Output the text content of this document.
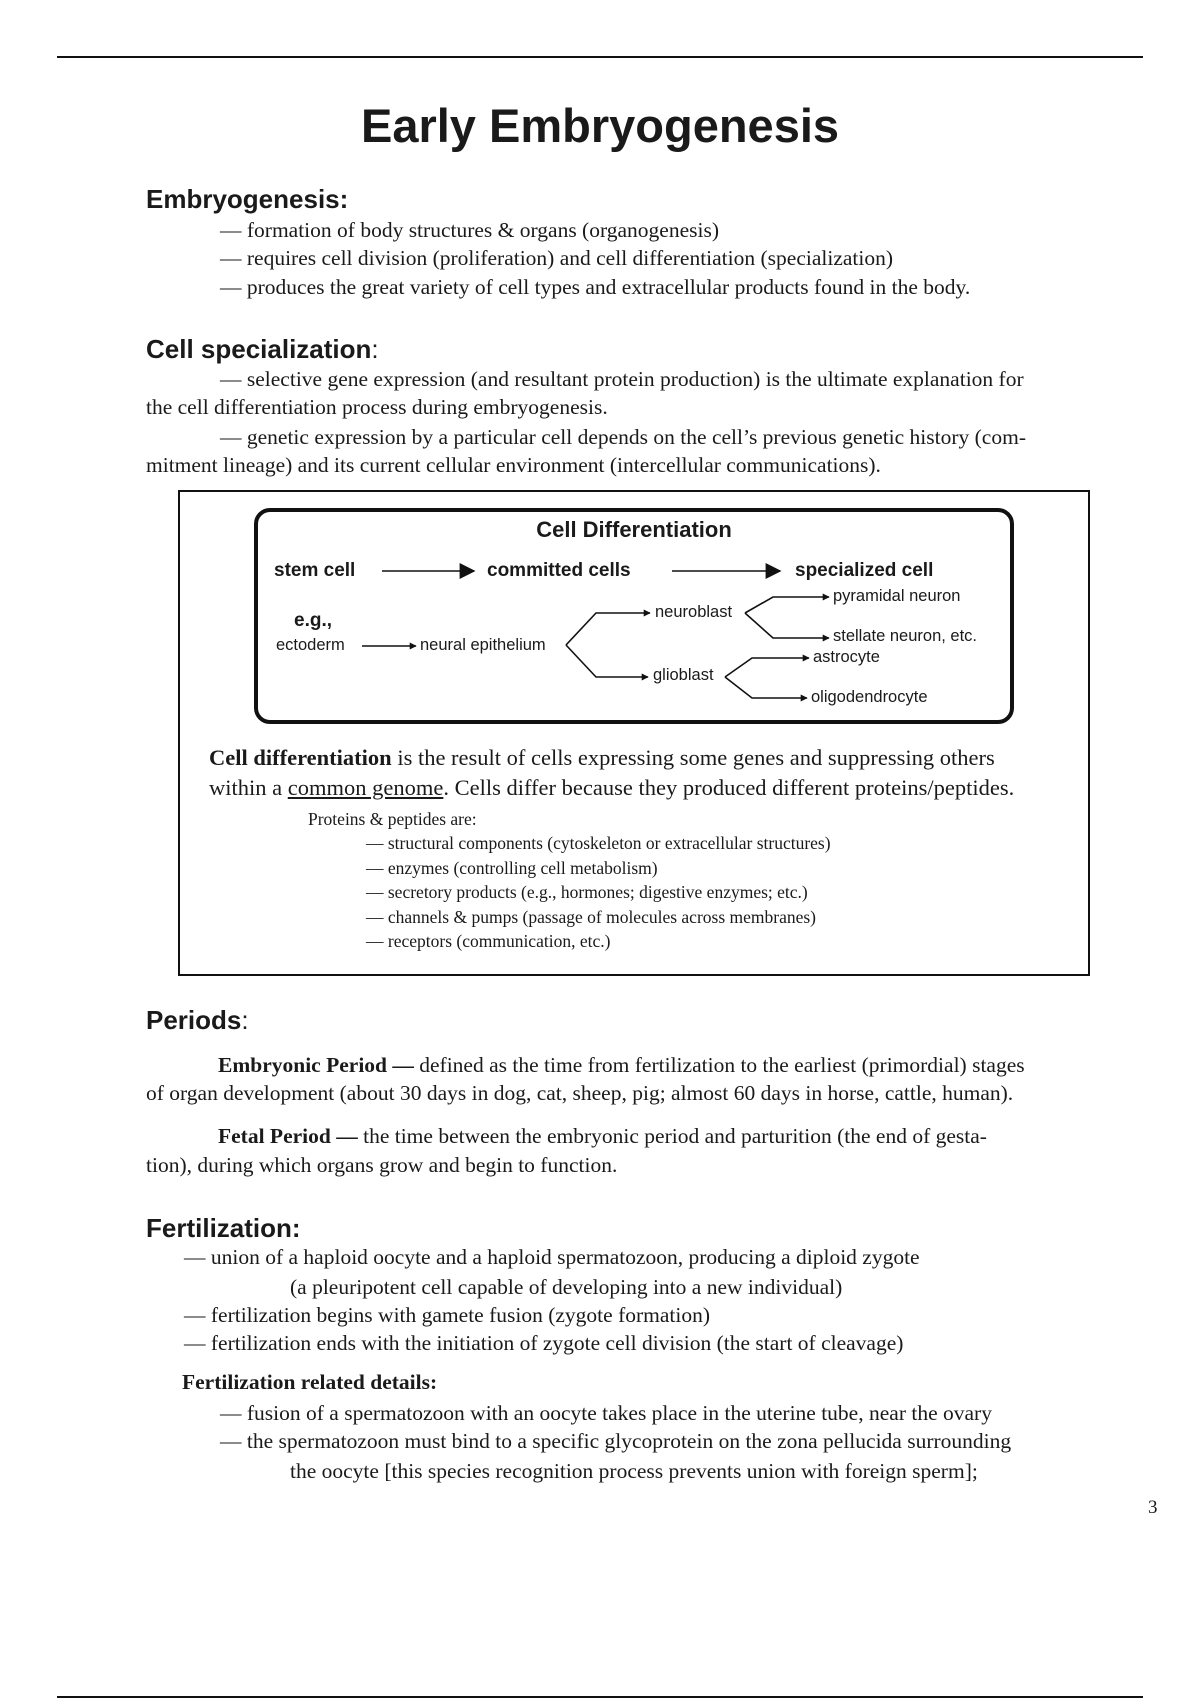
Early Embryogenesis
Embryogenesis:

— formation of body structures & organs (organogenesis)

— requires cell division (proliferation) and cell differentiation (specialization)

— produces the great variety of cell types and extracellular products found in the body.

Cell specialization:

— selective gene expression (and resultant protein production) is the ultimate explanation for

the cell differentiation process during embryogenesis.

— genetic expression by a particular cell depends on the cell’s previous genetic history (com-

mitment lineage) and its current cellular environment (intercellular communications).

Cell Differentiation

stem cell	committed cells	specialized cell

e.g.,

ectoderm	neural epithelium

neuroblast

glioblast

pyramidal neuron

stellate neuron, etc.

astrocyte

oligodendrocyte

Cell differentiation is the result of cells expressing some genes and suppressing others

within a common genome. Cells differ because they produced different proteins/peptides.

Proteins & peptides are:

— structural components (cytoskeleton or extracellular structures)

— enzymes (controlling cell metabolism)

— secretory products (e.g., hormones; digestive enzymes; etc.)

— channels & pumps (passage of molecules across membranes)

— receptors (communication, etc.)

Periods:

Embryonic Period — defined as the time from fertilization to the earliest (primordial) stages

of organ development (about 30 days in dog, cat, sheep, pig; almost 60 days in horse, cattle, human).

Fetal Period — the time between the embryonic period and parturition (the end of gesta-

tion), during which organs grow and begin to function.

Fertilization:

— union of a haploid oocyte and a haploid spermatozoon, producing a diploid zygote

(a pleuripotent cell capable of developing into a new individual)

— fertilization begins with gamete fusion (zygote formation)

— fertilization ends with the initiation of zygote cell division (the start of cleavage)

Fertilization related details:

— fusion of a spermatozoon with an oocyte takes place in the uterine tube, near the ovary

— the spermatozoon must bind to a specific glycoprotein on the zona pellucida surrounding

the oocyte [this species recognition process prevents union with foreign sperm];

3
